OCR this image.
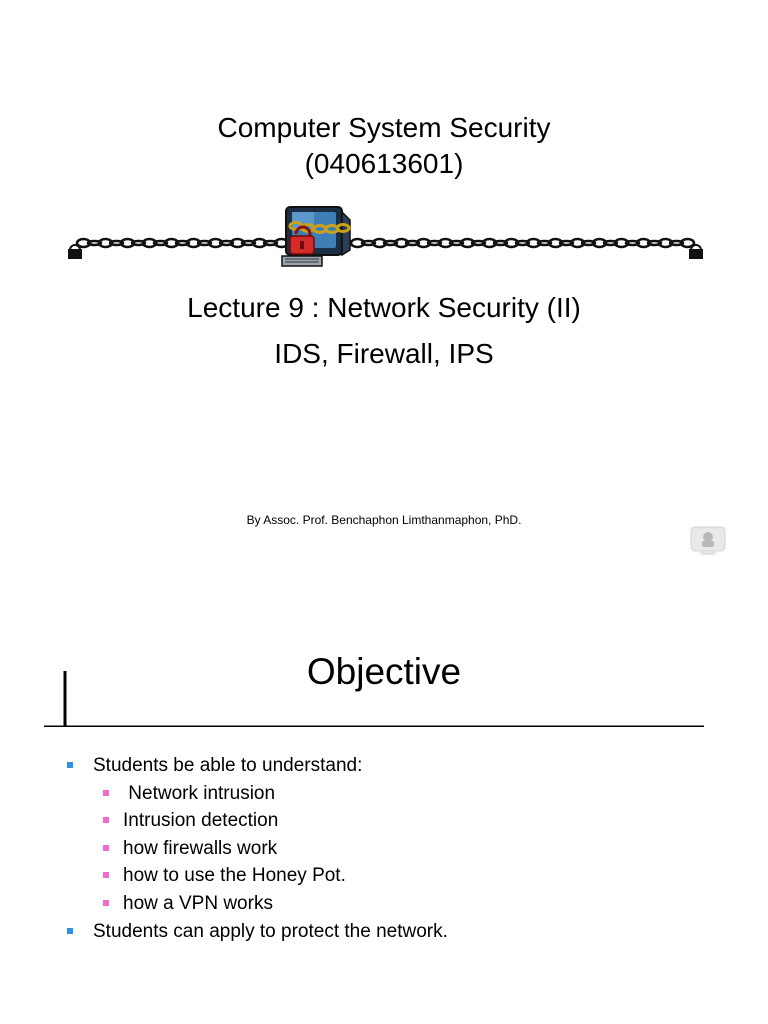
Computer System Security
(040613601)
Lecture 9 : Network Security (II)
IDS, Firewall, IPS
By Assoc. Prof. Benchaphon Limthanmaphon, PhD.
Objective
Students be able to understand:
Network intrusion
Intrusion detection
how firewalls work
how to use the Honey Pot.
how a VPN works
Students can apply to protect the network.
